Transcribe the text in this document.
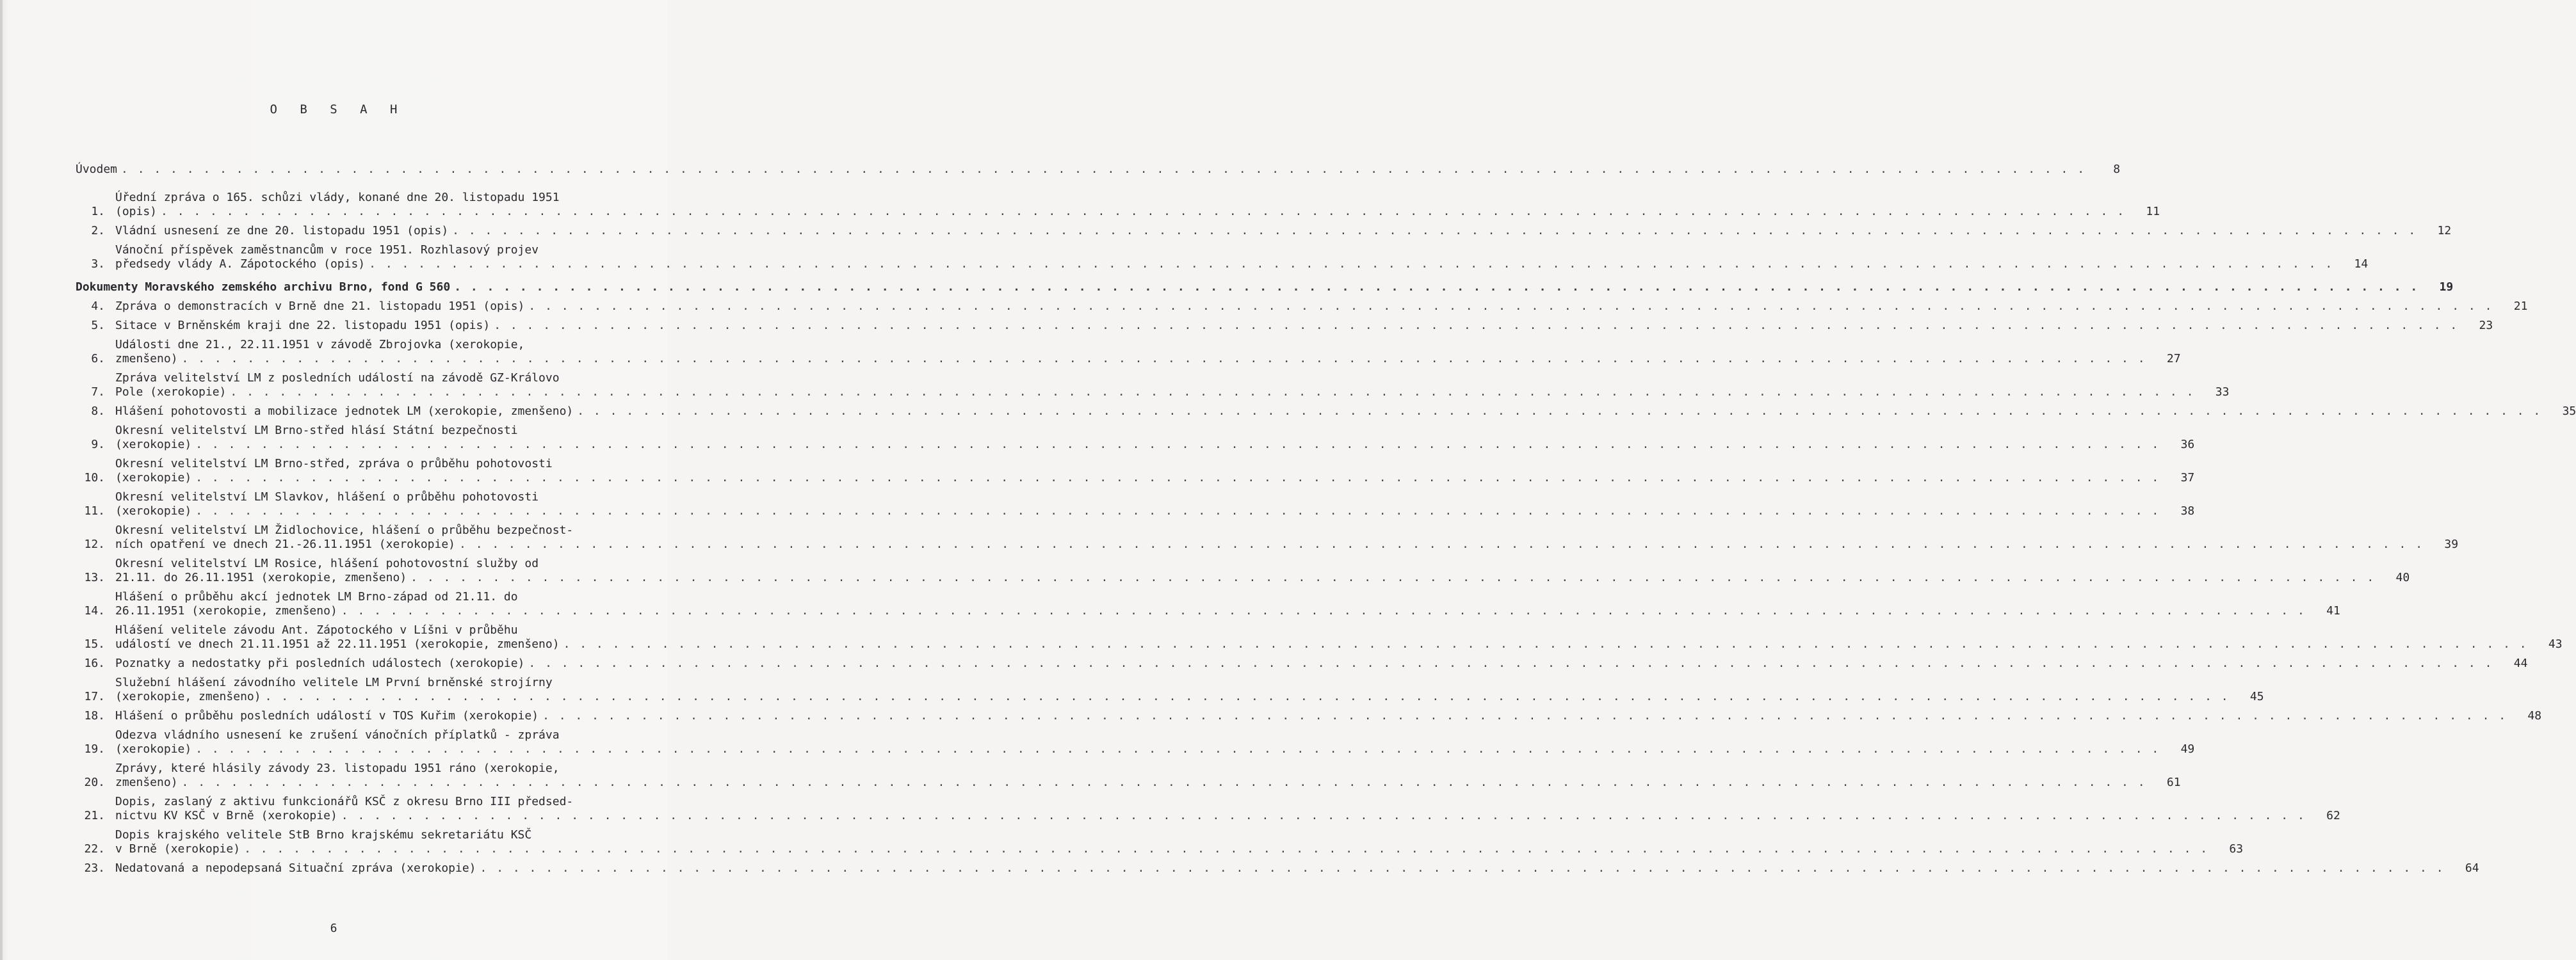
O B S A H
Úvodem . . . . . . . . . . . . . . . . . . . . . . . . . . . . . . . . . . . . . . . . . . . . . . . . . . . . . . . . . . . . . . . . . . . . . . . . . . . . . . . . . . . . . . . . . . . . . . . . . . . . . . . . . . . . . . . . . . . . . . . .	8
1.
Úřední zpráva o 165. schůzi vlády, konané dne 20. listopadu 1951
(opis) . . . . . . . . . . . . . . . . . . . . . . . . . . . . . . . . . . . . . . . . . . . . . . . . . . . . . . . . . . . . . . . . . . . . . . . . . . . . . . . . . . . . . . . . . . . . . . . . . . . . . . . . . . . . . . . . . . . . . . . .	11
2. Vládní usnesení ze dne 20. listopadu 1951 (opis) . . . . . . . . . . . . . . . . . . . . . . . . . . . . . . . . . . . . . . . . . . . . . . . . . . . . . . . . . . . . . . . . . . . . . . . . . . . . . . . . . . . . . . . . . . . . . . . . . . . . . . . . . . . . . . . . . . . . . . . .	12
3.
Vánoční příspěvek zaměstnancům v roce 1951. Rozhlasový projev
předsedy vlády A. Zápotockého (opis) . . . . . . . . . . . . . . . . . . . . . . . . . . . . . . . . . . . . . . . . . . . . . . . . . . . . . . . . . . . . . . . . . . . . . . . . . . . . . . . . . . . . . . . . . . . . . . . . . . . . . . . . . . . . . . . . . . . . . . . .	14
Dokumenty Moravského zemského archivu Brno, fond G 560 . . . . . . . . . . . . . . . . . . . . . . . . . . . . . . . . . . . . . . . . . . . . . . . . . . . . . . . . . . . . . . . . . . . . . . . . . . . . . . . . . . . . . . . . . . . . . . . . . . . . . . . . . . . . . . . . . . . . . . . .	19
4. Zpráva o demonstracích v Brně dne 21. listopadu 1951 (opis) . . . . . . . . . . . . . . . . . . . . . . . . . . . . . . . . . . . . . . . . . . . . . . . . . . . . . . . . . . . . . . . . . . . . . . . . . . . . . . . . . . . . . . . . . . . . . . . . . . . . . . . . . . . . . . . . . . . . . . . .	21
5. Sitace v Brněnském kraji dne 22. listopadu 1951 (opis) . . . . . . . . . . . . . . . . . . . . . . . . . . . . . . . . . . . . . . . . . . . . . . . . . . . . . . . . . . . . . . . . . . . . . . . . . . . . . . . . . . . . . . . . . . . . . . . . . . . . . . . . . . . . . . . . . . . . . . . .	23
6.
Události dne 21., 22.11.1951 v závodě Zbrojovka (xerokopie,
zmenšeno) . . . . . . . . . . . . . . . . . . . . . . . . . . . . . . . . . . . . . . . . . . . . . . . . . . . . . . . . . . . . . . . . . . . . . . . . . . . . . . . . . . . . . . . . . . . . . . . . . . . . . . . . . . . . . . . . . . . . . . . .	27
7.
Zpráva velitelství LM z posledních událostí na závodě GZ-Královo
Pole (xerokopie) . . . . . . . . . . . . . . . . . . . . . . . . . . . . . . . . . . . . . . . . . . . . . . . . . . . . . . . . . . . . . . . . . . . . . . . . . . . . . . . . . . . . . . . . . . . . . . . . . . . . . . . . . . . . . . . . . . . . . . . .	33
8. Hlášení pohotovosti a mobilizace jednotek LM (xerokopie, zmenšeno) . . . . . . . . . . . . . . . . . . . . . . . . . . . . . . . . . . . . . . . . . . . . . . . . . . . . . . . . . . . . . . . . . . . . . . . . . . . . . . . . . . . . . . . . . . . . . . . . . . . . . . . . . . . . . . . . . . . . . . . .	35
9.
Okresní velitelství LM Brno-střed hlásí Státní bezpečnosti
(xerokopie) . . . . . . . . . . . . . . . . . . . . . . . . . . . . . . . . . . . . . . . . . . . . . . . . . . . . . . . . . . . . . . . . . . . . . . . . . . . . . . . . . . . . . . . . . . . . . . . . . . . . . . . . . . . . . . . . . . . . . . . .	36
10.
Okresní velitelství LM Brno-střed, zpráva o průběhu pohotovosti
(xerokopie) . . . . . . . . . . . . . . . . . . . . . . . . . . . . . . . . . . . . . . . . . . . . . . . . . . . . . . . . . . . . . . . . . . . . . . . . . . . . . . . . . . . . . . . . . . . . . . . . . . . . . . . . . . . . . . . . . . . . . . . .	37
11.
Okresní velitelství LM Slavkov, hlášení o průběhu pohotovosti
(xerokopie) . . . . . . . . . . . . . . . . . . . . . . . . . . . . . . . . . . . . . . . . . . . . . . . . . . . . . . . . . . . . . . . . . . . . . . . . . . . . . . . . . . . . . . . . . . . . . . . . . . . . . . . . . . . . . . . . . . . . . . . .	38
12.
Okresní velitelství LM Židlochovice, hlášení o průběhu bezpečnost-
ních opatření ve dnech 21.-26.11.1951 (xerokopie) . . . . . . . . . . . . . . . . . . . . . . . . . . . . . . . . . . . . . . . . . . . . . . . . . . . . . . . . . . . . . . . . . . . . . . . . . . . . . . . . . . . . . . . . . . . . . . . . . . . . . . . . . . . . . . . . . . . . . . . .	39
13.
Okresní velitelství LM Rosice, hlášení pohotovostní služby od
21.11. do 26.11.1951 (xerokopie, zmenšeno) . . . . . . . . . . . . . . . . . . . . . . . . . . . . . . . . . . . . . . . . . . . . . . . . . . . . . . . . . . . . . . . . . . . . . . . . . . . . . . . . . . . . . . . . . . . . . . . . . . . . . . . . . . . . . . . . . . . . . . . .	40
14.
Hlášení o průběhu akcí jednotek LM Brno-západ od 21.11. do
26.11.1951 (xerokopie, zmenšeno) . . . . . . . . . . . . . . . . . . . . . . . . . . . . . . . . . . . . . . . . . . . . . . . . . . . . . . . . . . . . . . . . . . . . . . . . . . . . . . . . . . . . . . . . . . . . . . . . . . . . . . . . . . . . . . . . . . . . . . . .	41
15.
Hlášení velitele závodu Ant. Zápotockého v Líšni v průběhu
událostí ve dnech 21.11.1951 až 22.11.1951 (xerokopie, zmenšeno) . . . . . . . . . . . . . . . . . . . . . . . . . . . . . . . . . . . . . . . . . . . . . . . . . . . . . . . . . . . . . . . . . . . . . . . . . . . . . . . . . . . . . . . . . . . . . . . . . . . . . . . . . . . . . . . . . . . . . . . .	43
16. Poznatky a nedostatky při posledních událostech (xerokopie) . . . . . . . . . . . . . . . . . . . . . . . . . . . . . . . . . . . . . . . . . . . . . . . . . . . . . . . . . . . . . . . . . . . . . . . . . . . . . . . . . . . . . . . . . . . . . . . . . . . . . . . . . . . . . . . . . . . . . . . .	44
17.
Služební hlášení závodního velitele LM První brněnské strojírny
(xerokopie, zmenšeno) . . . . . . . . . . . . . . . . . . . . . . . . . . . . . . . . . . . . . . . . . . . . . . . . . . . . . . . . . . . . . . . . . . . . . . . . . . . . . . . . . . . . . . . . . . . . . . . . . . . . . . . . . . . . . . . . . . . . . . . .	45
18. Hlášení o průběhu posledních událostí v TOS Kuřim (xerokopie) . . . . . . . . . . . . . . . . . . . . . . . . . . . . . . . . . . . . . . . . . . . . . . . . . . . . . . . . . . . . . . . . . . . . . . . . . . . . . . . . . . . . . . . . . . . . . . . . . . . . . . . . . . . . . . . . . . . . . . . .	48
19.
Odezva vládního usnesení ke zrušení vánočních příplatků - zpráva
(xerokopie) . . . . . . . . . . . . . . . . . . . . . . . . . . . . . . . . . . . . . . . . . . . . . . . . . . . . . . . . . . . . . . . . . . . . . . . . . . . . . . . . . . . . . . . . . . . . . . . . . . . . . . . . . . . . . . . . . . . . . . . .	49
20.
Zprávy, které hlásily závody 23. listopadu 1951 ráno (xerokopie,
zmenšeno) . . . . . . . . . . . . . . . . . . . . . . . . . . . . . . . . . . . . . . . . . . . . . . . . . . . . . . . . . . . . . . . . . . . . . . . . . . . . . . . . . . . . . . . . . . . . . . . . . . . . . . . . . . . . . . . . . . . . . . . .	61
21.
Dopis, zaslaný z aktivu funkcionářů KSČ z okresu Brno III předsed-
nictvu KV KSČ v Brně (xerokopie) . . . . . . . . . . . . . . . . . . . . . . . . . . . . . . . . . . . . . . . . . . . . . . . . . . . . . . . . . . . . . . . . . . . . . . . . . . . . . . . . . . . . . . . . . . . . . . . . . . . . . . . . . . . . . . . . . . . . . . . .	62
22.
Dopis krajského velitele StB Brno krajskému sekretariátu KSČ
v Brně (xerokopie) . . . . . . . . . . . . . . . . . . . . . . . . . . . . . . . . . . . . . . . . . . . . . . . . . . . . . . . . . . . . . . . . . . . . . . . . . . . . . . . . . . . . . . . . . . . . . . . . . . . . . . . . . . . . . . . . . . . . . . . .	63
23. Nedatovaná a nepodepsaná Situační zpráva (xerokopie) . . . . . . . . . . . . . . . . . . . . . . . . . . . . . . . . . . . . . . . . . . . . . . . . . . . . . . . . . . . . . . . . . . . . . . . . . . . . . . . . . . . . . . . . . . . . . . . . . . . . . . . . . . . . . . . . . . . . . . . .	64
6
